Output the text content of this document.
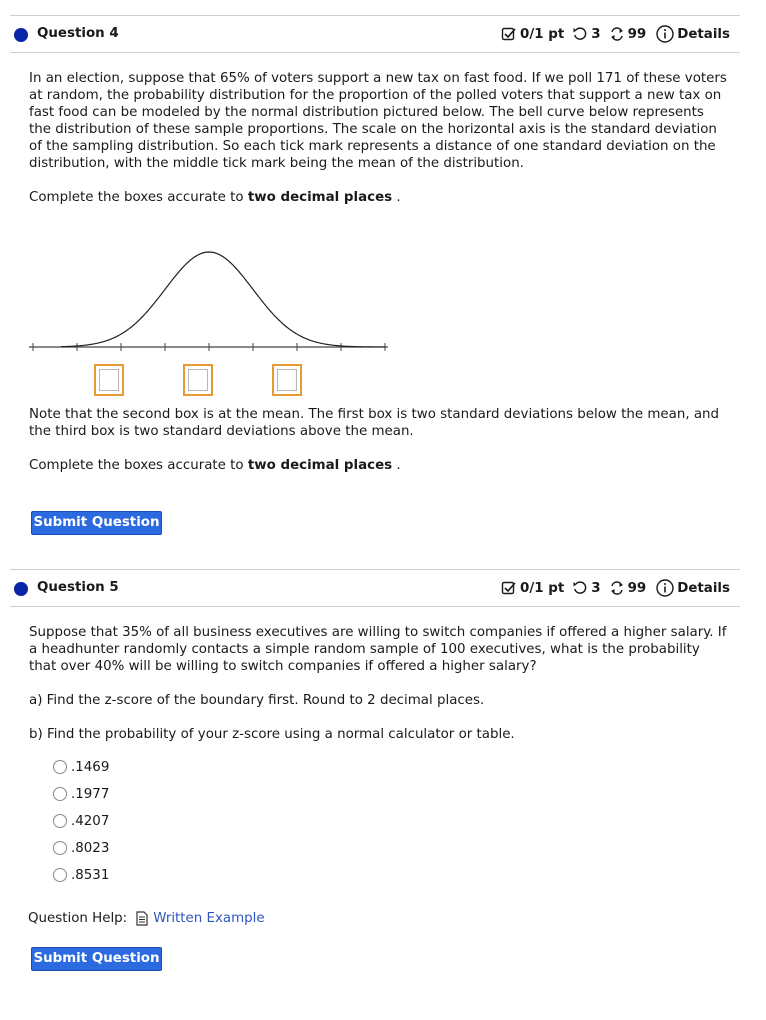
Question 4	0/1 pt 3 99 Details
In an election, suppose that 65% of voters support a new tax on fast food. If we poll 171 of these voters at random, the probability distribution for the proportion of the polled voters that support a new tax on fast food can be modeled by the normal distribution pictured below. The bell curve below represents the distribution of these sample proportions. The scale on the horizontal axis is the standard deviation of the sampling distribution. So each tick mark represents a distance of one standard deviation on the distribution, with the middle tick mark being the mean of the distribution.
Complete the boxes accurate to two decimal places .
Note that the second box is at the mean. The first box is two standard deviations below the mean, and the third box is two standard deviations above the mean.
Complete the boxes accurate to two decimal places .
Submit Question
Question 5	0/1 pt 3 99 Details
Suppose that 35% of all business executives are willing to switch companies if offered a higher salary. If a headhunter randomly contacts a simple random sample of 100 executives, what is the probability that over 40% will be willing to switch companies if offered a higher salary?
a) Find the z-score of the boundary first. Round to 2 decimal places.
b) Find the probability of your z-score using a normal calculator or table.
.1469
.1977
.4207
.8023
.8531
Question Help: Written Example
Submit Question
